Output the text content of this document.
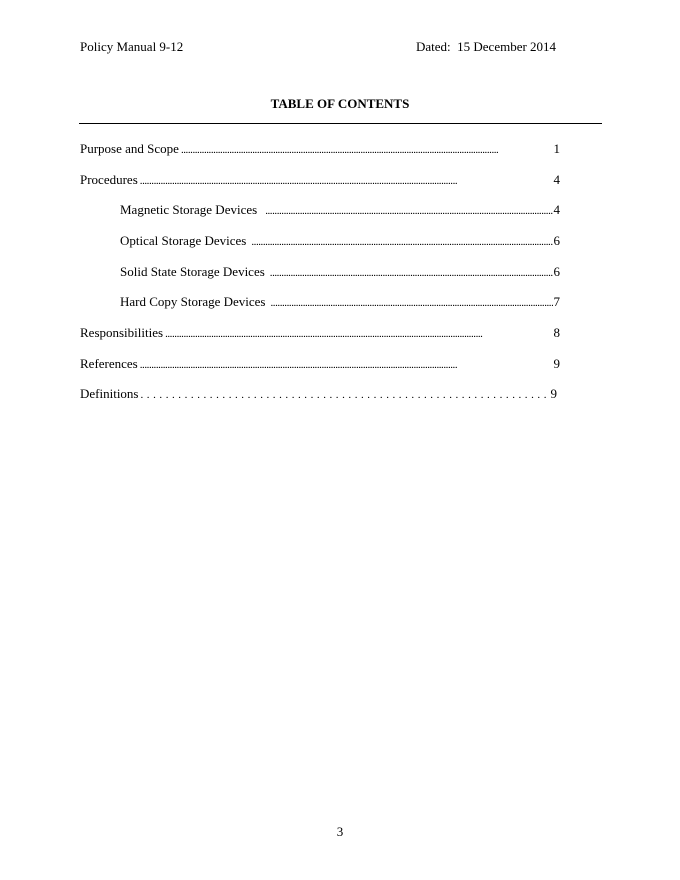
Policy Manual 9-12	Dated:  15 December 2014
TABLE OF CONTENTS
Purpose and Scope . . .	1
Procedures . . .	4
Magnetic Storage Devices . . .	4
Optical Storage Devices . . .	6
Solid State Storage Devices . . .	6
Hard Copy Storage Devices . . .	7
Responsibilities . . .	8
References . . .	9
Definitions . . .	9
3
